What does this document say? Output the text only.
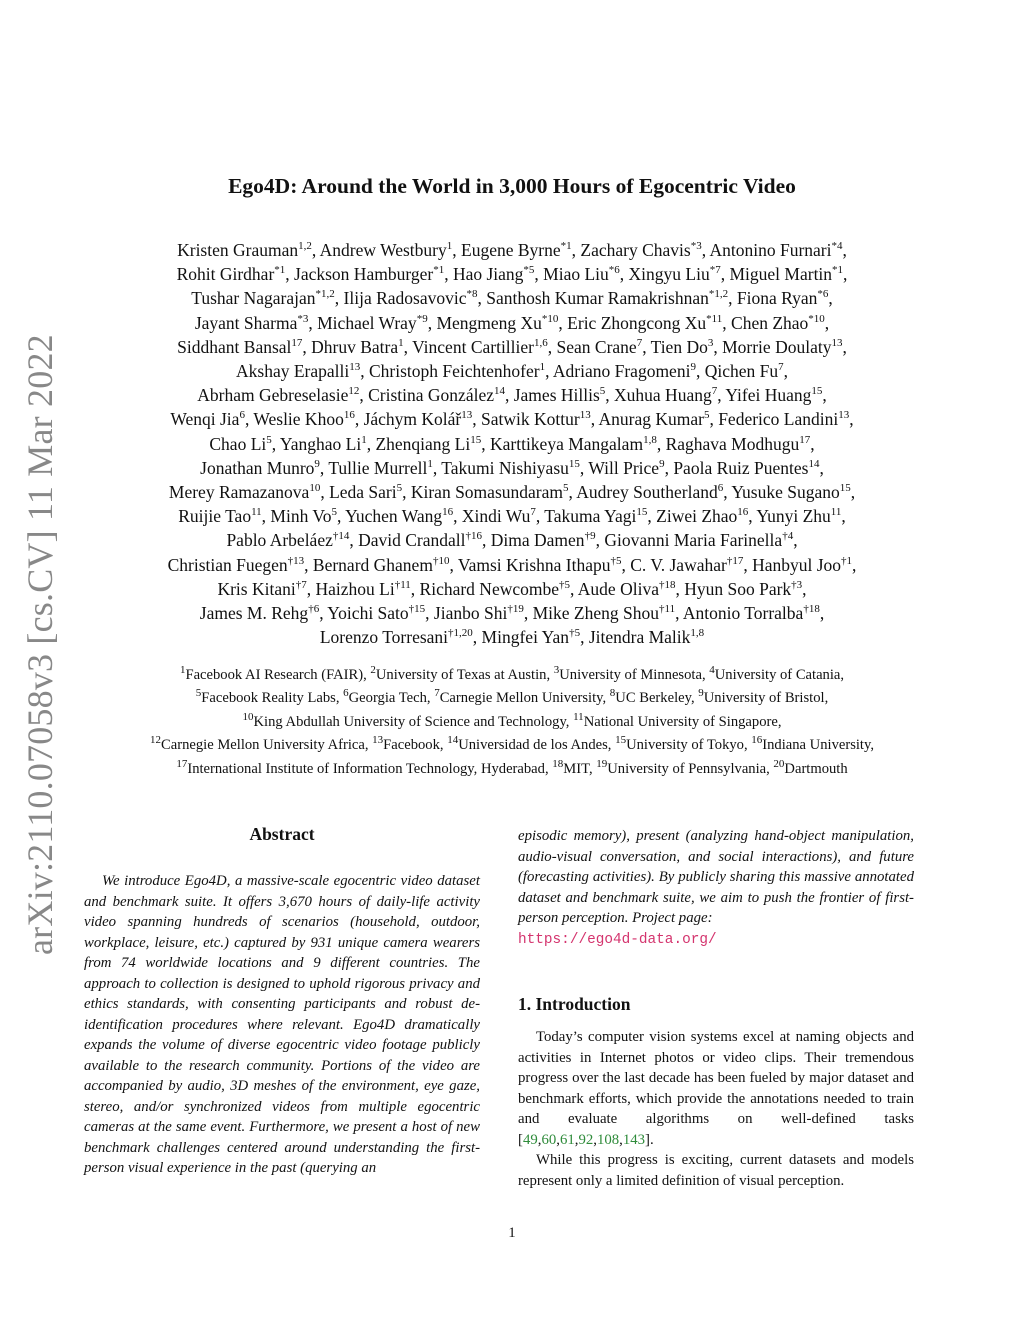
arXiv:2110.07058v3 [cs.CV] 11 Mar 2022
Ego4D: Around the World in 3,000 Hours of Egocentric Video
Kristen Grauman$^{1,2}$, Andrew Westbury$^1$, Eugene Byrne$^{*1}$, Zachary Chavis$^{*3}$, Antonino Furnari$^{*4}$,
Rohit Girdhar$^{*1}$, Jackson Hamburger$^{*1}$, Hao Jiang$^{*5}$, Miao Liu$^{*6}$, Xingyu Liu$^{*7}$, Miguel Martin$^{*1}$,
Tushar Nagarajan$^{*1,2}$, Ilija Radosavovic$^{*8}$, Santhosh Kumar Ramakrishnan$^{*1,2}$, Fiona Ryan$^{*6}$,
Jayant Sharma$^{*3}$, Michael Wray$^{*9}$, Mengmeng Xu$^{*10}$, Eric Zhongcong Xu$^{*11}$, Chen Zhao$^{*10}$,
Siddhant Bansal$^{17}$, Dhruv Batra$^1$, Vincent Cartillier$^{1,6}$, Sean Crane$^7$, Tien Do$^3$, Morrie Doulaty$^{13}$,
Akshay Erapalli$^{13}$, Christoph Feichtenhofer$^1$, Adriano Fragomeni$^9$, Qichen Fu$^7$,
Abrham Gebreselasie$^{12}$, Cristina González$^{14}$, James Hillis$^5$, Xuhua Huang$^7$, Yifei Huang$^{15}$,
Wenqi Jia$^6$, Weslie Khoo$^{16}$, Jáchym Kolář$^{13}$, Satwik Kottur$^{13}$, Anurag Kumar$^5$, Federico Landini$^{13}$,
Chao Li$^5$, Yanghao Li$^1$, Zhenqiang Li$^{15}$, Karttikeya Mangalam$^{1,8}$, Raghava Modhugu$^{17}$,
Jonathan Munro$^9$, Tullie Murrell$^1$, Takumi Nishiyasu$^{15}$, Will Price$^9$, Paola Ruiz Puentes$^{14}$,
Merey Ramazanova$^{10}$, Leda Sari$^5$, Kiran Somasundaram$^5$, Audrey Southerland$^6$, Yusuke Sugano$^{15}$,
Ruijie Tao$^{11}$, Minh Vo$^5$, Yuchen Wang$^{16}$, Xindi Wu$^7$, Takuma Yagi$^{15}$, Ziwei Zhao$^{16}$, Yunyi Zhu$^{11}$,
Pablo Arbeláez$^{\dagger 14}$, David Crandall$^{\dagger 16}$, Dima Damen$^{\dagger 9}$, Giovanni Maria Farinella$^{\dagger 4}$,
Christian Fuegen$^{\dagger 13}$, Bernard Ghanem$^{\dagger 10}$, Vamsi Krishna Ithapu$^{\dagger 5}$, C. V. Jawahar$^{\dagger 17}$, Hanbyul Joo$^{\dagger 1}$,
Kris Kitani$^{\dagger 7}$, Haizhou Li$^{\dagger 11}$, Richard Newcombe$^{\dagger 5}$, Aude Oliva$^{\dagger 18}$, Hyun Soo Park$^{\dagger 3}$,
James M. Rehg$^{\dagger 6}$, Yoichi Sato$^{\dagger 15}$, Jianbo Shi$^{\dagger 19}$, Mike Zheng Shou$^{\dagger 11}$, Antonio Torralba$^{\dagger 18}$,
Lorenzo Torresani$^{\dagger 1,20}$, Mingfei Yan$^{\dagger 5}$, Jitendra Malik$^{1,8}$
$^1$Facebook AI Research (FAIR), $^2$University of Texas at Austin, $^3$University of Minnesota, $^4$University of Catania,
$^5$Facebook Reality Labs, $^6$Georgia Tech, $^7$Carnegie Mellon University, $^8$UC Berkeley, $^9$University of Bristol,
$^{10}$King Abdullah University of Science and Technology, $^{11}$National University of Singapore,
$^{12}$Carnegie Mellon University Africa, $^{13}$Facebook, $^{14}$Universidad de los Andes, $^{15}$University of Tokyo, $^{16}$Indiana University,
$^{17}$International Institute of Information Technology, Hyderabad, $^{18}$MIT, $^{19}$University of Pennsylvania, $^{20}$Dartmouth
Abstract

We introduce Ego4D, a massive-scale egocentric video dataset and benchmark suite. It offers 3,670 hours of daily-life activity video spanning hundreds of scenarios (household, outdoor, workplace, leisure, etc.) captured by 931 unique camera wearers from 74 worldwide locations and 9 different countries. The approach to collection is designed to uphold rigorous privacy and ethics standards, with consenting participants and robust de-identification procedures where relevant. Ego4D dramatically expands the volume of diverse egocentric video footage publicly available to the research community. Portions of the video are accompanied by audio, 3D meshes of the environment, eye gaze, stereo, and/or synchronized videos from multiple egocentric cameras at the same event. Furthermore, we present a host of new benchmark challenges centered around understanding the first-person visual experience in the past (querying an

episodic memory), present (analyzing hand-object manipulation, audio-visual conversation, and social interactions), and future (forecasting activities). By publicly sharing this massive annotated dataset and benchmark suite, we aim to push the frontier of first-person perception. Project page:
https://ego4d-data.org/

1. Introduction

Today’s computer vision systems excel at naming objects and activities in Internet photos or video clips. Their tremendous progress over the last decade has been fueled by major dataset and benchmark efforts, which provide the annotations needed to train and evaluate algorithms on well-defined tasks [49,60,61,92,108,143].

While this progress is exciting, current datasets and models represent only a limited definition of visual perception.

1
